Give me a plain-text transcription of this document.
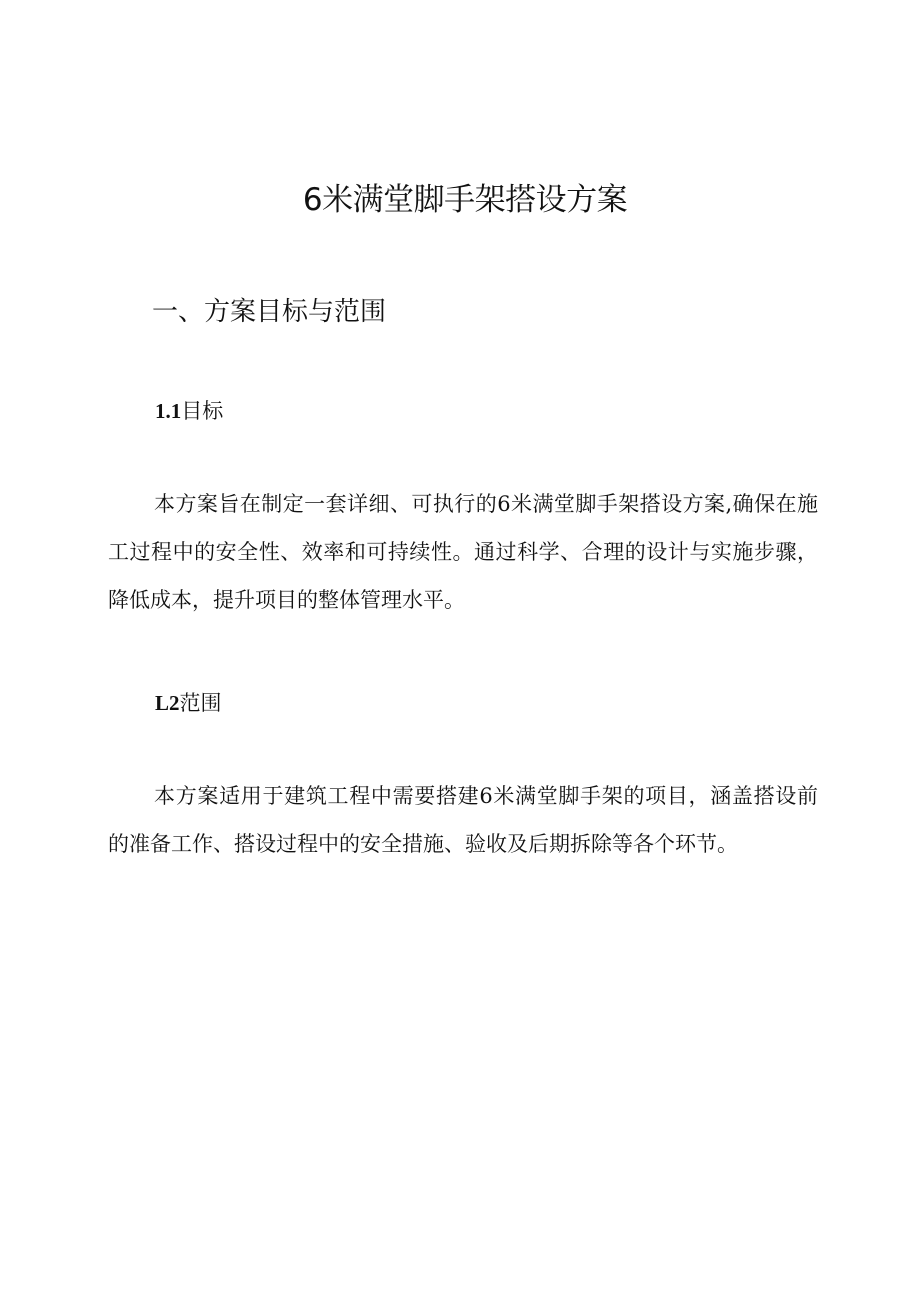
6米满堂脚手架搭设方案
一、方案目标与范围
1.1目标

本方案旨在制定一套详细、可执行的6米满堂脚手架搭设方案,确保在施工过程中的安全性、效率和可持续性。通过科学、合理的设计与实施步骤，降低成本，提升项目的整体管理水平。

L2范围

本方案适用于建筑工程中需要搭建6米满堂脚手架的项目，涵盖搭设前的准备工作、搭设过程中的安全措施、验收及后期拆除等各个环节。
